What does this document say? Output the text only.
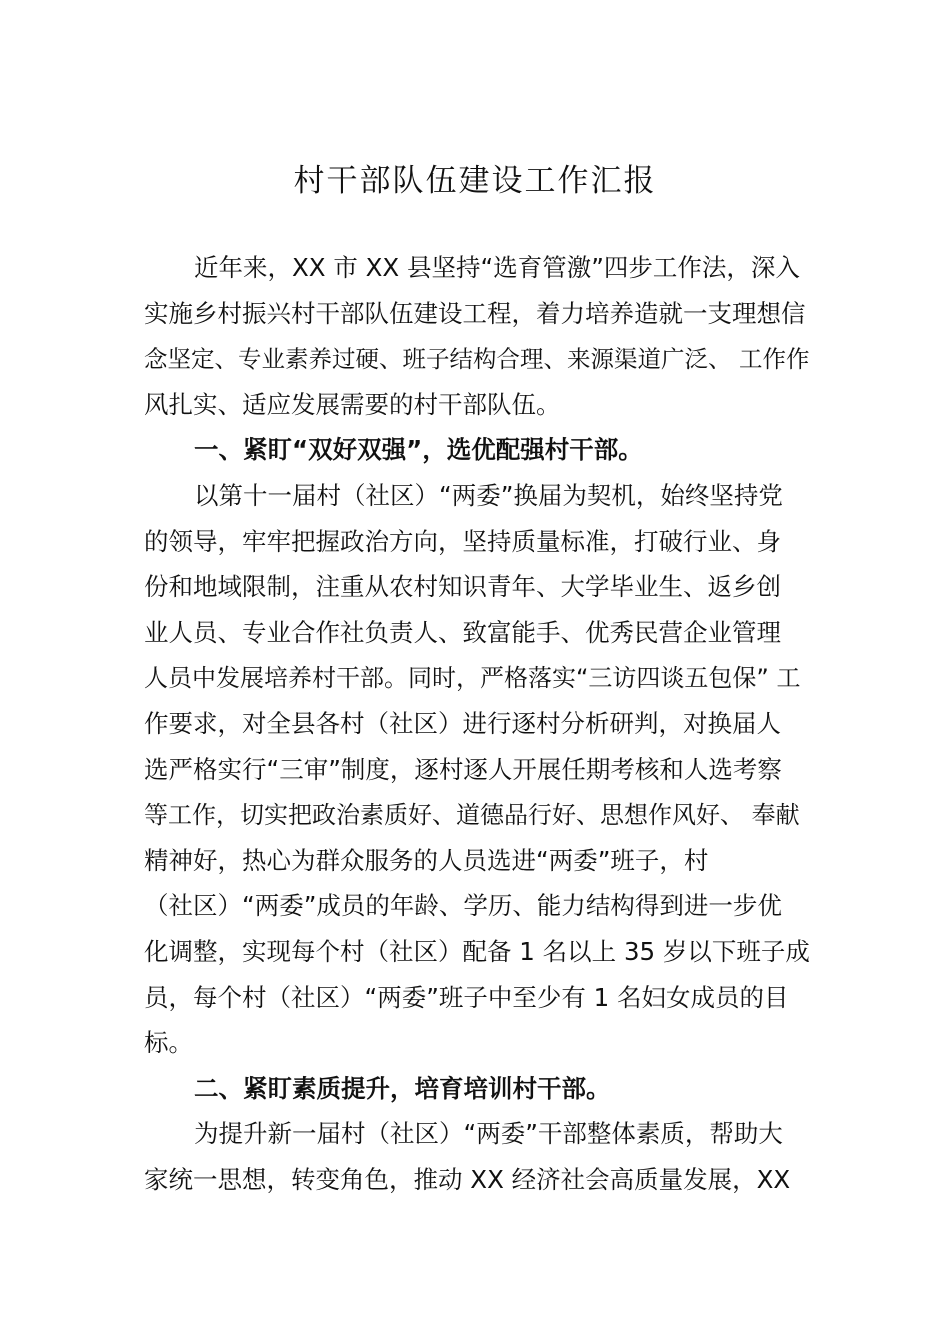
村干部队伍建设工作汇报

近年来，XX 市 XX 县坚持“选育管激”四步工作法，深入

实施乡村振兴村干部队伍建设工程，着力培养造就一支理想信

念坚定、专业素养过硬、班子结构合理、来源渠道广泛、 工作作

风扎实、适应发展需要的村干部队伍。

一、紧盯“双好双强”，选优配强村干部。

以第十一届村（社区）“两委”换届为契机，始终坚持党

的领导，牢牢把握政治方向，坚持质量标准，打破行业、身

份和地域限制，注重从农村知识青年、大学毕业生、返乡创

业人员、专业合作社负责人、致富能手、优秀民营企业管理

人员中发展培养村干部。同时，严格落实“三访四谈五包保” 工

作要求，对全县各村（社区）进行逐村分析研判，对换届人

选严格实行“三审”制度，逐村逐人开展任期考核和人选考察

等工作，切实把政治素质好、道德品行好、思想作风好、 奉献

精神好，热心为群众服务的人员选进“两委”班子，村

（社区）“两委”成员的年龄、学历、能力结构得到进一步优

化调整，实现每个村（社区）配备 1 名以上 35 岁以下班子成

员，每个村（社区）“两委”班子中至少有 1 名妇女成员的目

标。

二、紧盯素质提升，培育培训村干部。

为提升新一届村（社区）“两委”干部整体素质，帮助大

家统一思想，转变角色，推动 XX 经济社会高质量发展，XX
